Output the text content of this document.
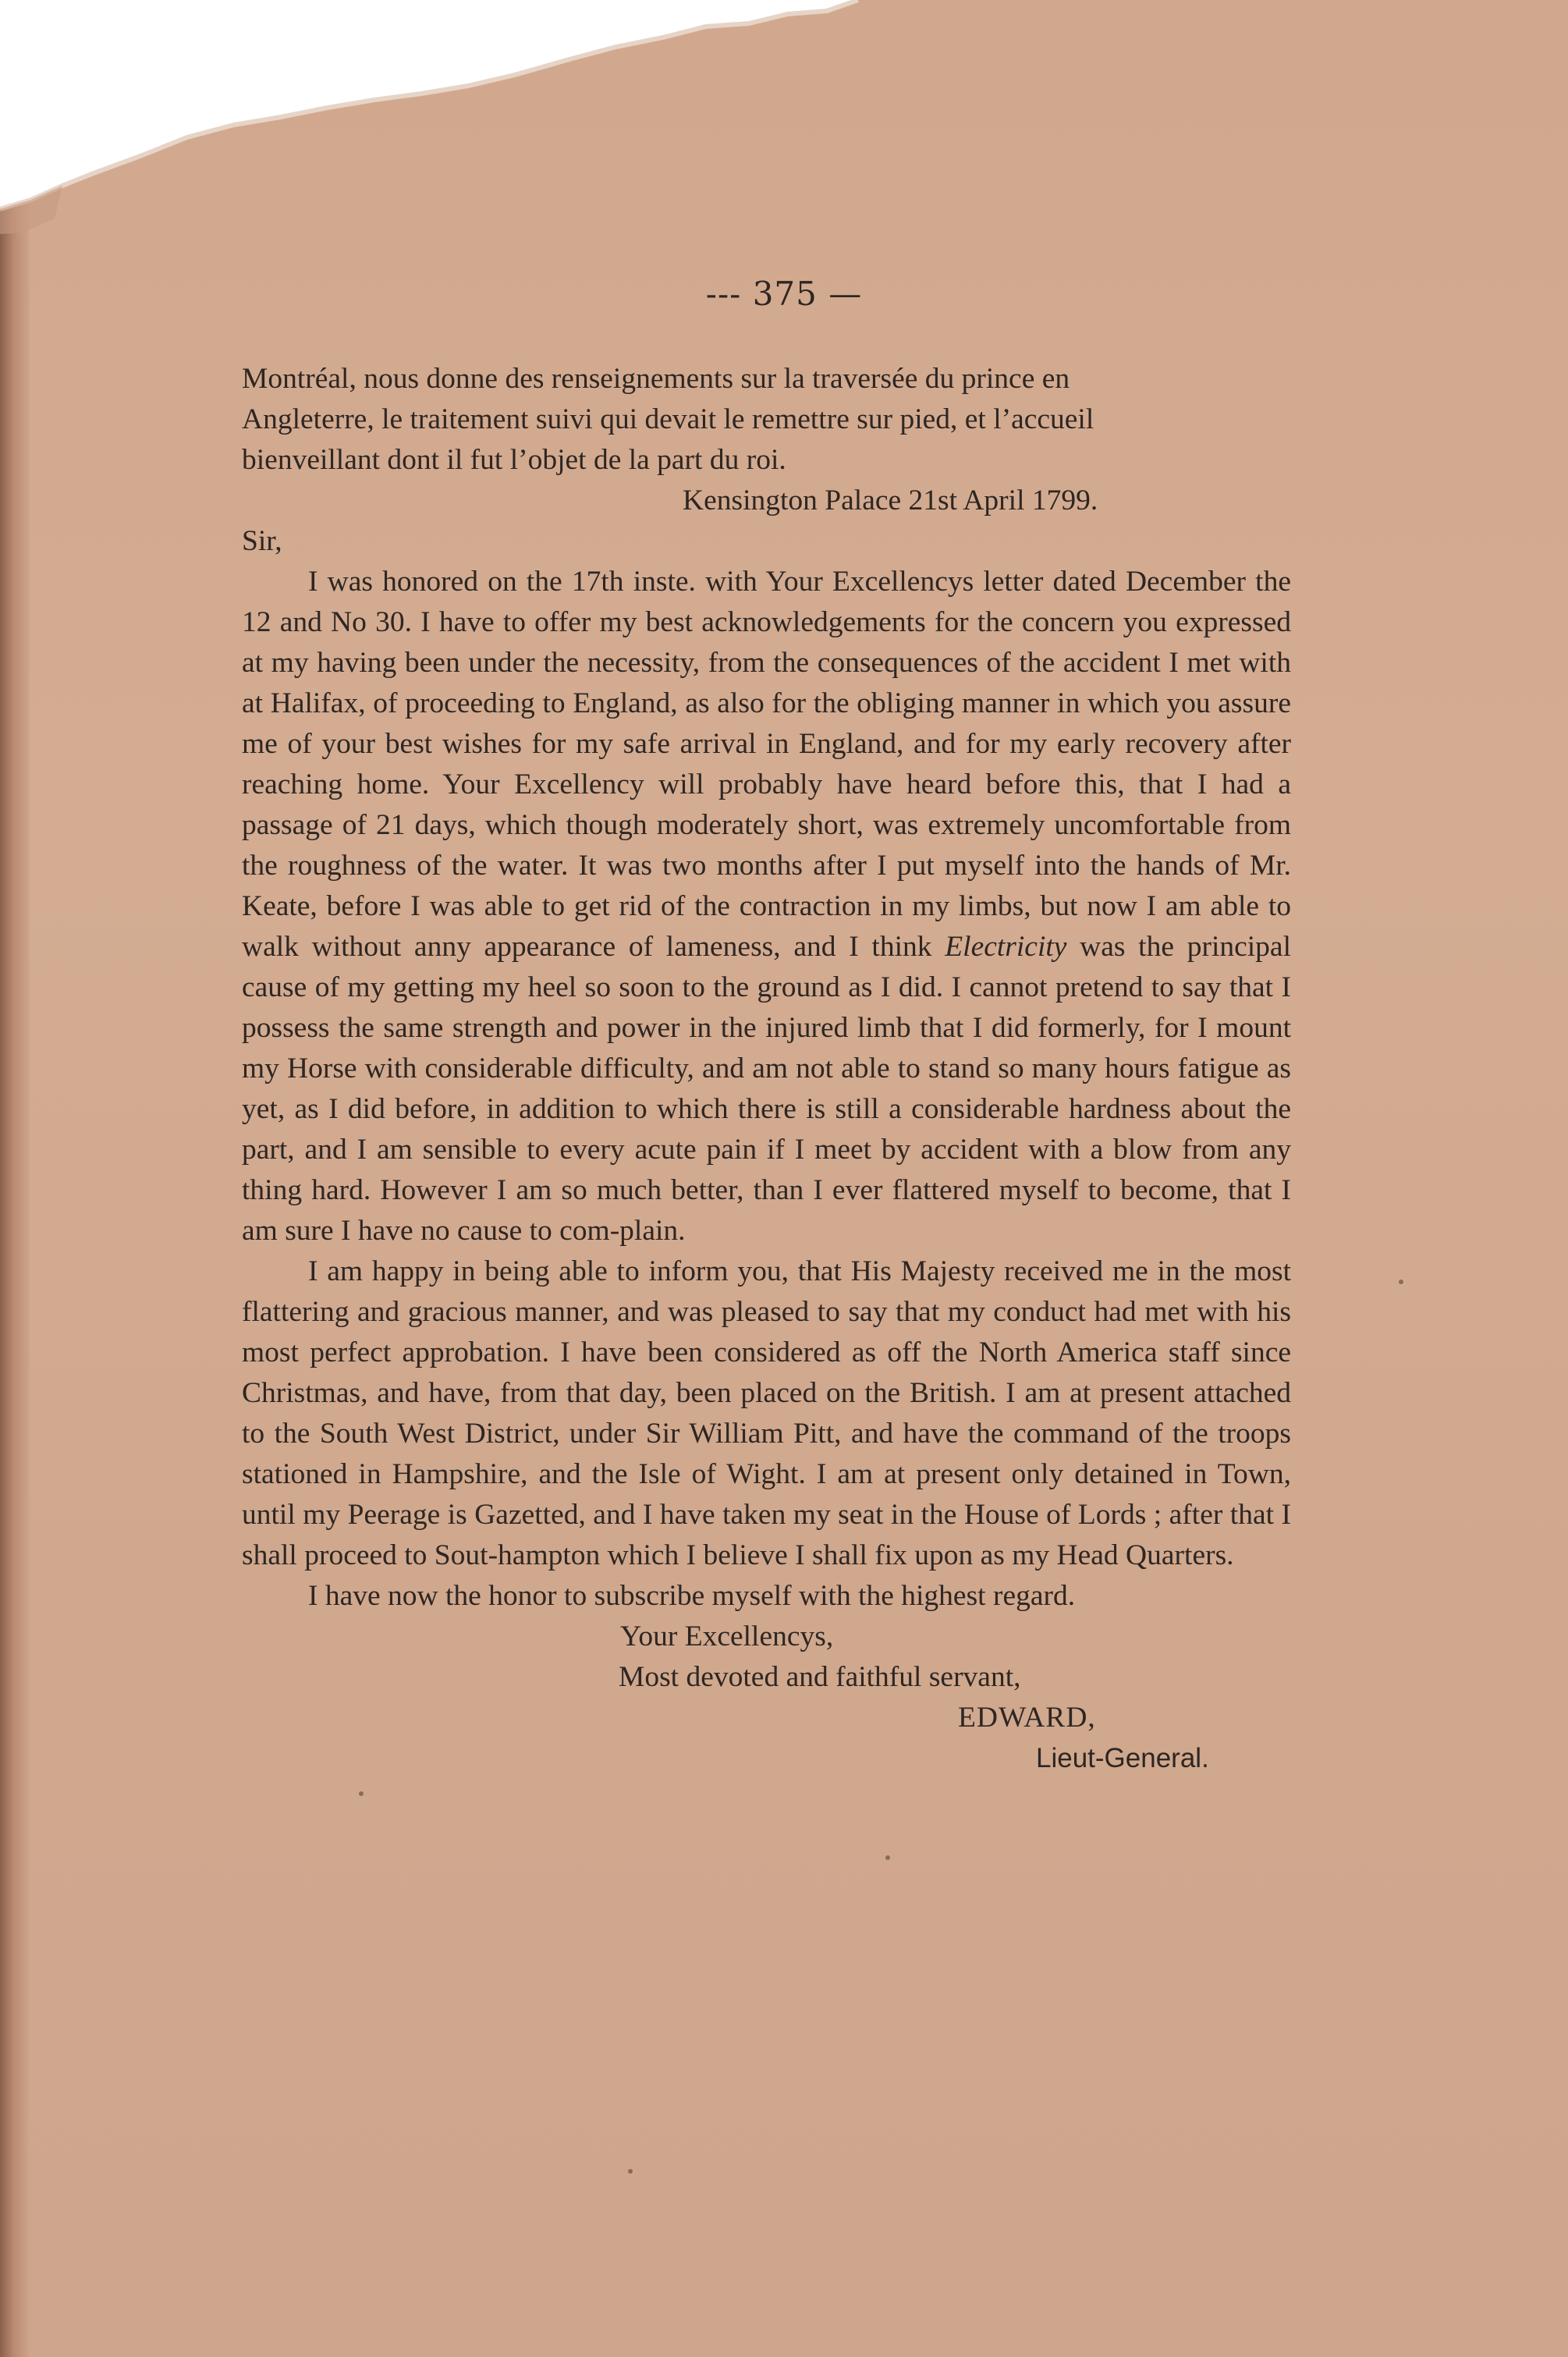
--- 375 —

Montréal, nous donne des renseignements sur la traversée du prince en

Angleterre, le traitement suivi qui devait le remettre sur pied, et l’accueil

bienveillant dont il fut l’objet de la part du roi.

Kensington Palace 21st April 1799.

Sir,

I was honored on the 17th inste. with Your Excellencys letter dated December the 12 and No 30. I have to offer my best acknowledgements for the concern you expressed at my having been under the necessity, from the consequences of the accident I met with at Halifax, of proceeding to England, as also for the obliging manner in which you assure me of your best wishes for my safe arrival in England, and for my early recovery after reaching home. Your Excellency will probably have heard before this, that I had a passage of 21 days, which though moderately short, was extremely uncomfortable from the roughness of the water. It was two months after I put myself into the hands of Mr. Keate, before I was able to get rid of the contraction in my limbs, but now I am able to walk without anny appearance of lameness, and I think Electricity was the principal cause of my getting my heel so soon to the ground as I did. I cannot pretend to say that I possess the same strength and power in the injured limb that I did formerly, for I mount my Horse with considerable difficulty, and am not able to stand so many hours fatigue as yet, as I did before, in addition to which there is still a considerable hardness about the part, and I am sensible to every acute pain if I meet by accident with a blow from any thing hard. However I am so much better, than I ever flattered myself to become, that I am sure I have no cause to com-plain.

I am happy in being able to inform you, that His Majesty received me in the most flattering and gracious manner, and was pleased to say that my conduct had met with his most perfect approbation. I have been considered as off the North America staff since Christmas, and have, from that day, been placed on the British. I am at present attached to the South West District, under Sir William Pitt, and have the command of the troops stationed in Hampshire, and the Isle of Wight. I am at present only detained in Town, until my Peerage is Gazetted, and I have taken my seat in the House of Lords ; after that I shall proceed to Sout-hampton which I believe I shall fix upon as my Head Quarters.

I have now the honor to subscribe myself with the highest regard.

Your Excellencys,

Most devoted and faithful servant,

EDWARD,

Lieut-General.
